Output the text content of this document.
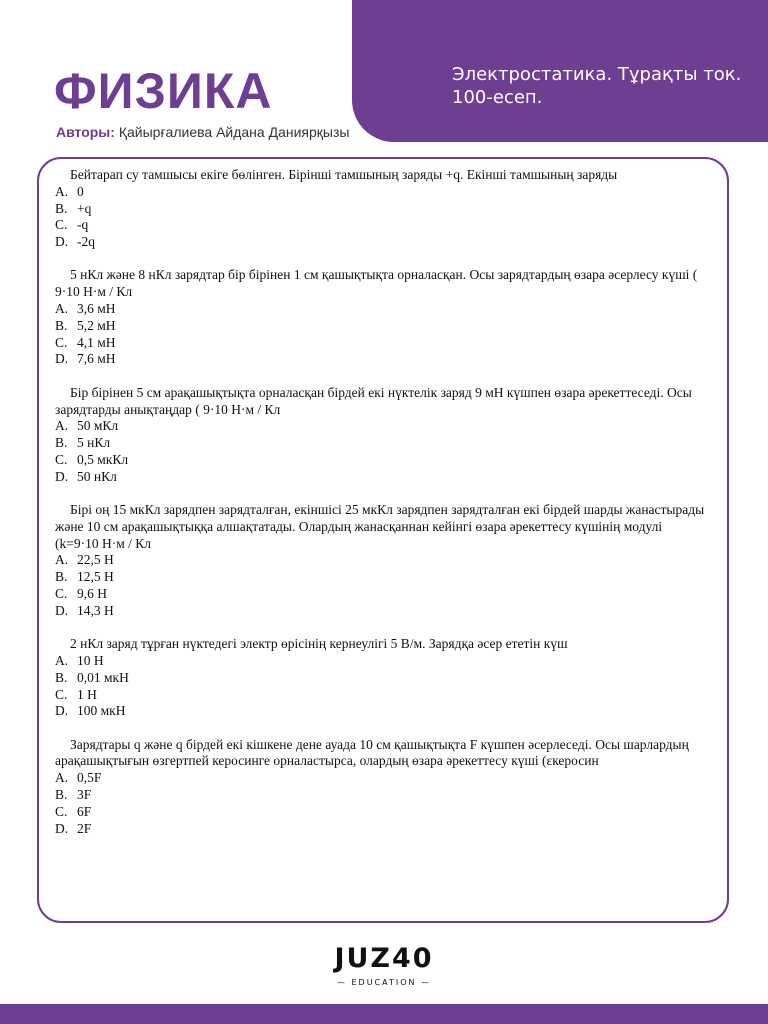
Электростатика. Тұрақты ток. 100-есеп.
ФИЗИКА
Авторы: Қайырғалиева Айдана Даниярқызы
Бейтарап су тамшысы екіге бөлінген. Бірінші тамшының заряды +q. Екінші тамшының заряды
A. 0
B. +q
C. -q
D. -2q
5 нКл және 8 нКл зарядтар бір бірінен 1 см қашықтықта орналасқан. Осы зарядтардың өзара әсерлесу күші ( 9·10 Н·м / Кл
A. 3,6 мН
B. 5,2 мН
C. 4,1 мН
D. 7,6 мН
Бір бірінен 5 см арақашықтықта орналасқан бірдей екі нүктелік заряд 9 мН күшпен өзара әрекеттеседі. Осы зарядтарды анықтаңдар ( 9·10 Н·м / Кл
A. 50 мКл
B. 5 нКл
C. 0,5 мкКл
D. 50 нКл
Бірі оң 15 мкКл зарядпен зарядталған, екіншісі 25 мкКл зарядпен зарядталған екі бірдей шарды жанастырады және 10 см арақашықтыққа алшақтатады. Олардың жанасқаннан кейінгі өзара әрекеттесу күшінің модулі
(k=9·10 Н·м / Кл
A. 22,5 Н
B. 12,5 Н
C. 9,6 Н
D. 14,3 Н
2 нКл заряд тұрған нүктедегі электр өрісінің кернеулігі 5 В/м. Зарядқа әсер ететін күш
A. 10 Н
B. 0,01 мкН
C. 1 Н
D. 100 мкН
Зарядтары q және q бірдей екі кішкене дене ауада 10 см қашықтықта F күшпен әсерлеседі. Осы шарлардың арақашықтығын өзгертпей керосинге орналастырса, олардың өзара әрекеттесу күші (εкеросин
A. 0,5F
B. 3F
C. 6F
D. 2F
JUZ40
— EDUCATION —
